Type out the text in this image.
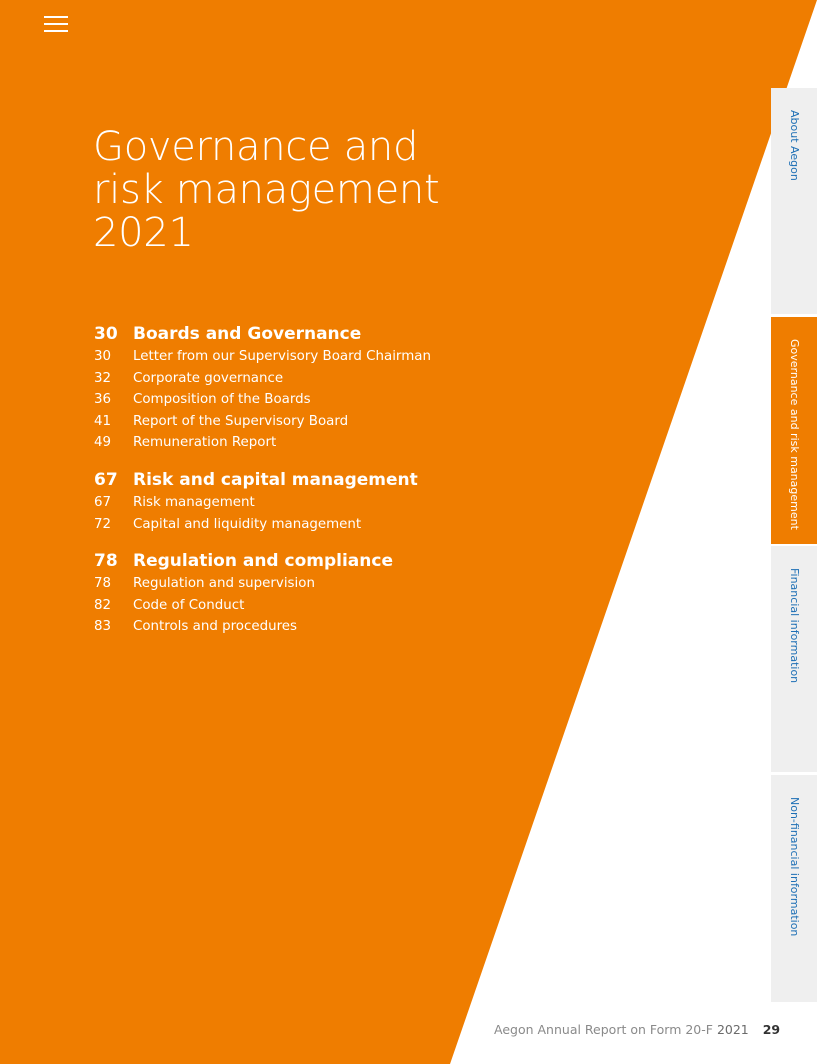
Governance and
risk management
2021
30 Boards and Governance
30	Letter from our Supervisory Board Chairman
32	Corporate governance
36	Composition of the Boards
41	Report of the Supervisory Board
49	Remuneration Report
67 Risk and capital management
67	Risk management
72	Capital and liquidity management
78 Regulation and compliance
78	Regulation and supervision
82	Code of Conduct
83	Controls and procedures
About Aegon
Governance and risk management
Financial information
Non-financial information
Aegon Annual Report on Form 20-F 2021 29
